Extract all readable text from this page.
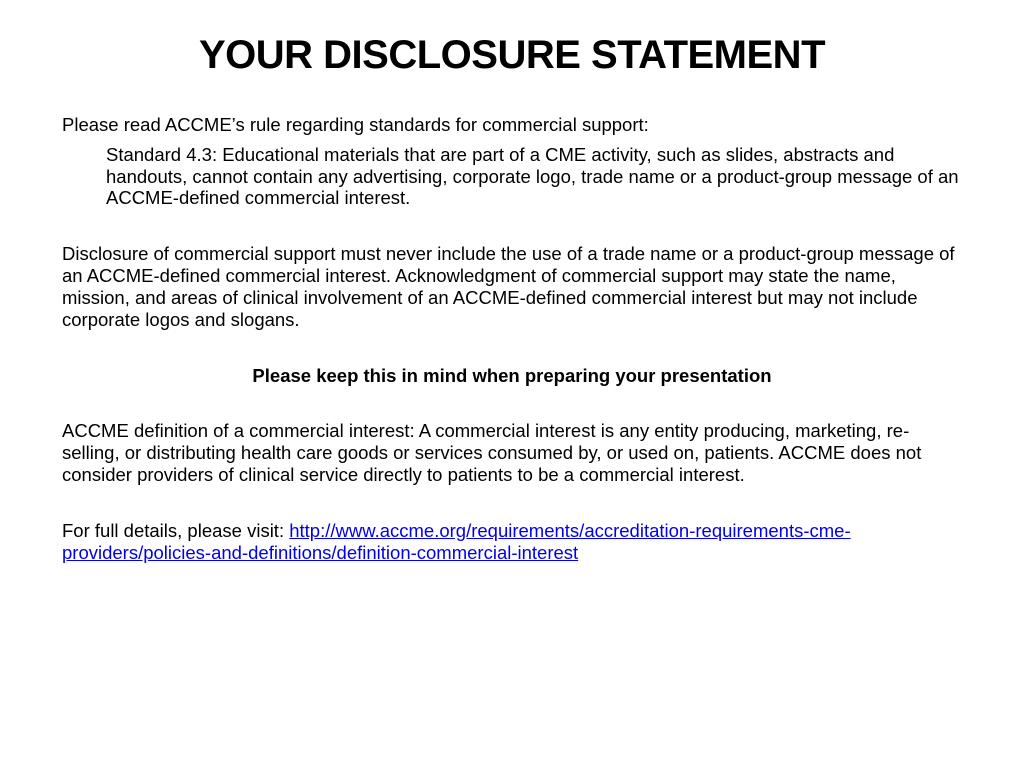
YOUR DISCLOSURE STATEMENT

Please read ACCME’s rule regarding standards for commercial support:

Standard 4.3: Educational materials that are part of a CME activity, such as slides, abstracts and handouts, cannot contain any advertising, corporate logo, trade name or a product-group message of an ACCME-defined commercial interest.

Disclosure of commercial support must never include the use of a trade name or a product-group message of an ACCME-defined commercial interest. Acknowledgment of commercial support may state the name, mission, and areas of clinical involvement of an ACCME-defined commercial interest but may not include corporate logos and slogans.

Please keep this in mind when preparing your presentation

ACCME definition of a commercial interest: A commercial interest is any entity producing, marketing, re-selling, or distributing health care goods or services consumed by, or used on, patients. ACCME does not consider providers of clinical service directly to patients to be a commercial interest.

For full details, please visit: http://www.accme.org/requirements/accreditation-requirements-cme-providers/policies-and-definitions/definition-commercial-interest
